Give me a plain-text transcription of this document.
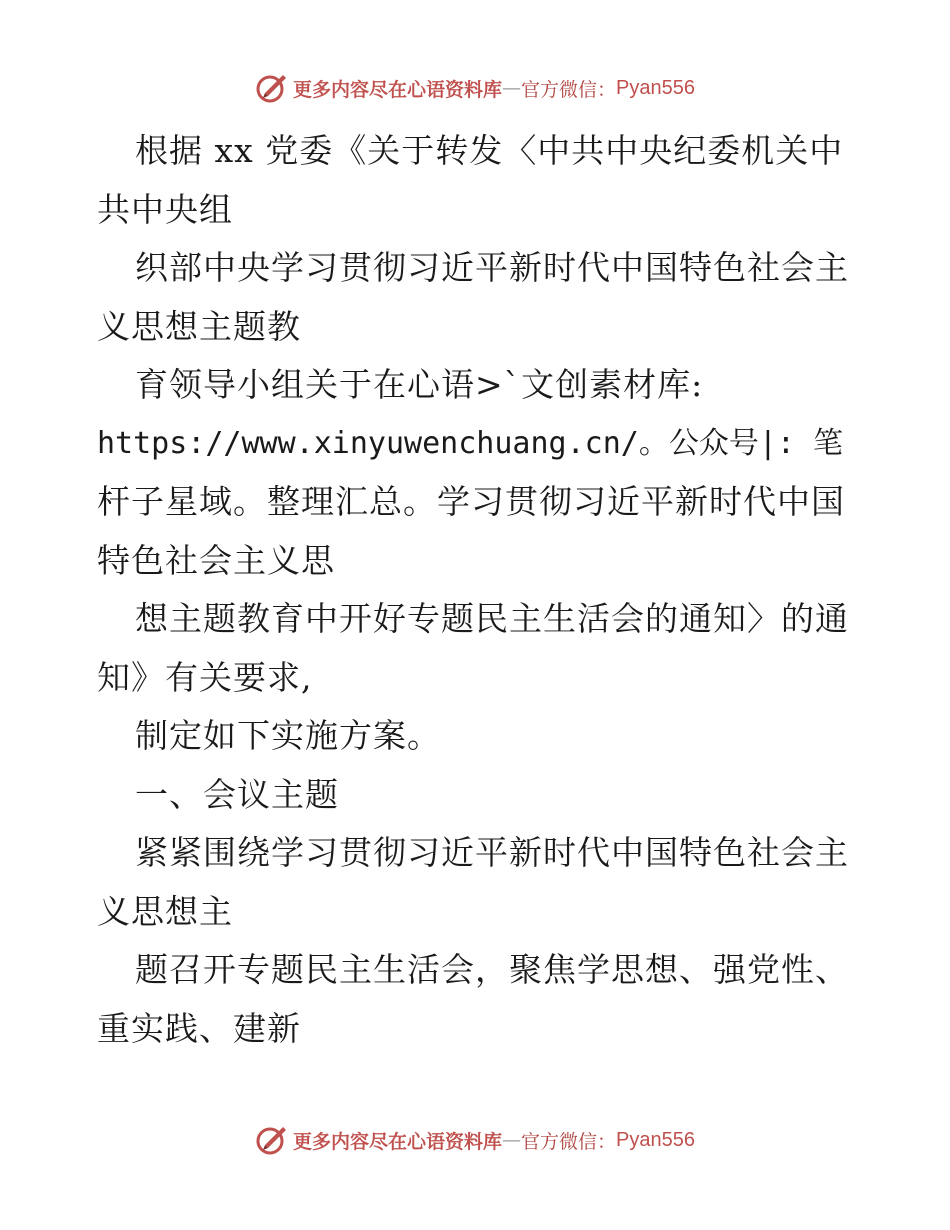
更多内容尽在心语资料库 — 官方微信： Pyan556
根据 xx 党委《关于转发〈中共中央纪委机关中
共中央组
织部中央学习贯彻习近平新时代中国特色社会主
义思想主题教
育领导小组关于在心语>`文创素材库:
https://www.xinyuwenchuang.cn/。公众号|: 笔
杆子星域。整理汇总。学习贯彻习近平新时代中国
特色社会主义思
想主题教育中开好专题民主生活会的通知〉的通
知》有关要求,
制定如下实施方案。
一、会议主题
紧紧围绕学习贯彻习近平新时代中国特色社会主
义思想主
题召开专题民主生活会，聚焦学思想、强党性、
重实践、建新
更多内容尽在心语资料库 — 官方微信： Pyan556
